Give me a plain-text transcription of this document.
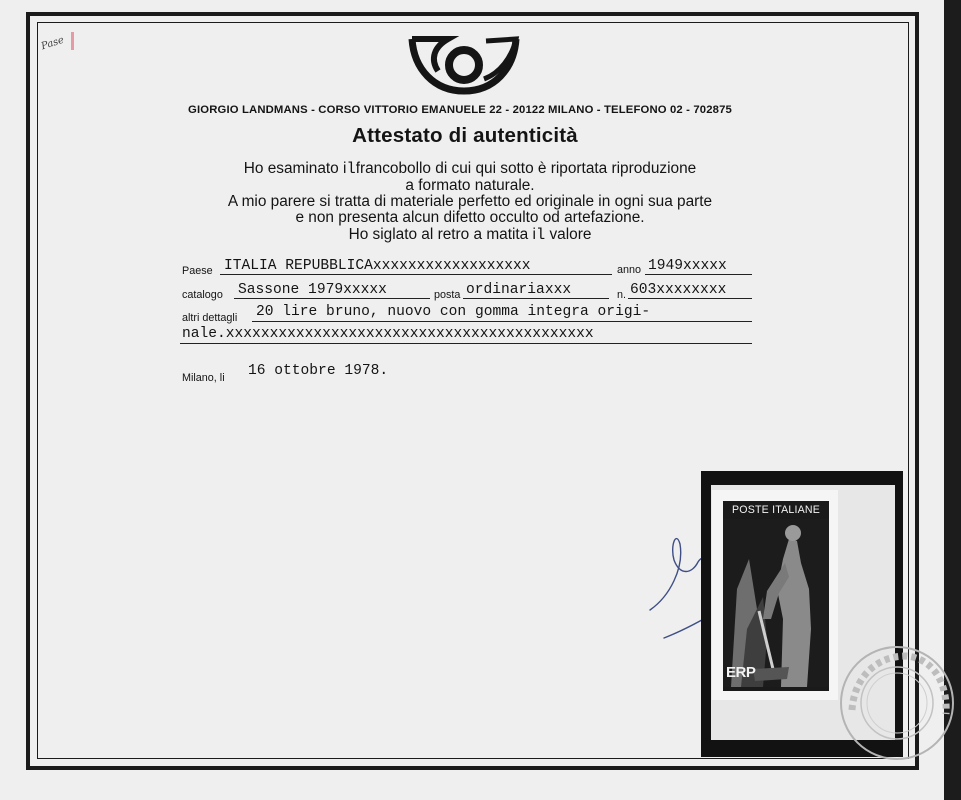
Pase
GIORGIO LANDMANS - CORSO VITTORIO EMANUELE 22 - 20122 MILANO - TELEFONO 02 - 702875
Attestato di autenticità
Ho esaminato ilfrancobollo di cui qui sotto è riportata riproduzione
a formato naturale.
A mio parere si tratta di materiale perfetto ed originale in ogni sua parte
e non presenta alcun difetto occulto od artefazione.
Ho siglato al retro a matita il valore
Paese ITALIA REPUBBLICAxxxxxxxxxxxxxxxxxx	anno 1949xxxxx
catalogo Sassone 1979xxxxx	posta ordinariaxxx	n. 603xxxxxxxx
altri dettagli 20 lire bruno, nuovo con gomma integra origi-
nale.xxxxxxxxxxxxxxxxxxxxxxxxxxxxxxxxxxxxxxxxxx
Milano, li 16 ottobre 1978.
POSTE ITALIANE
ERP
